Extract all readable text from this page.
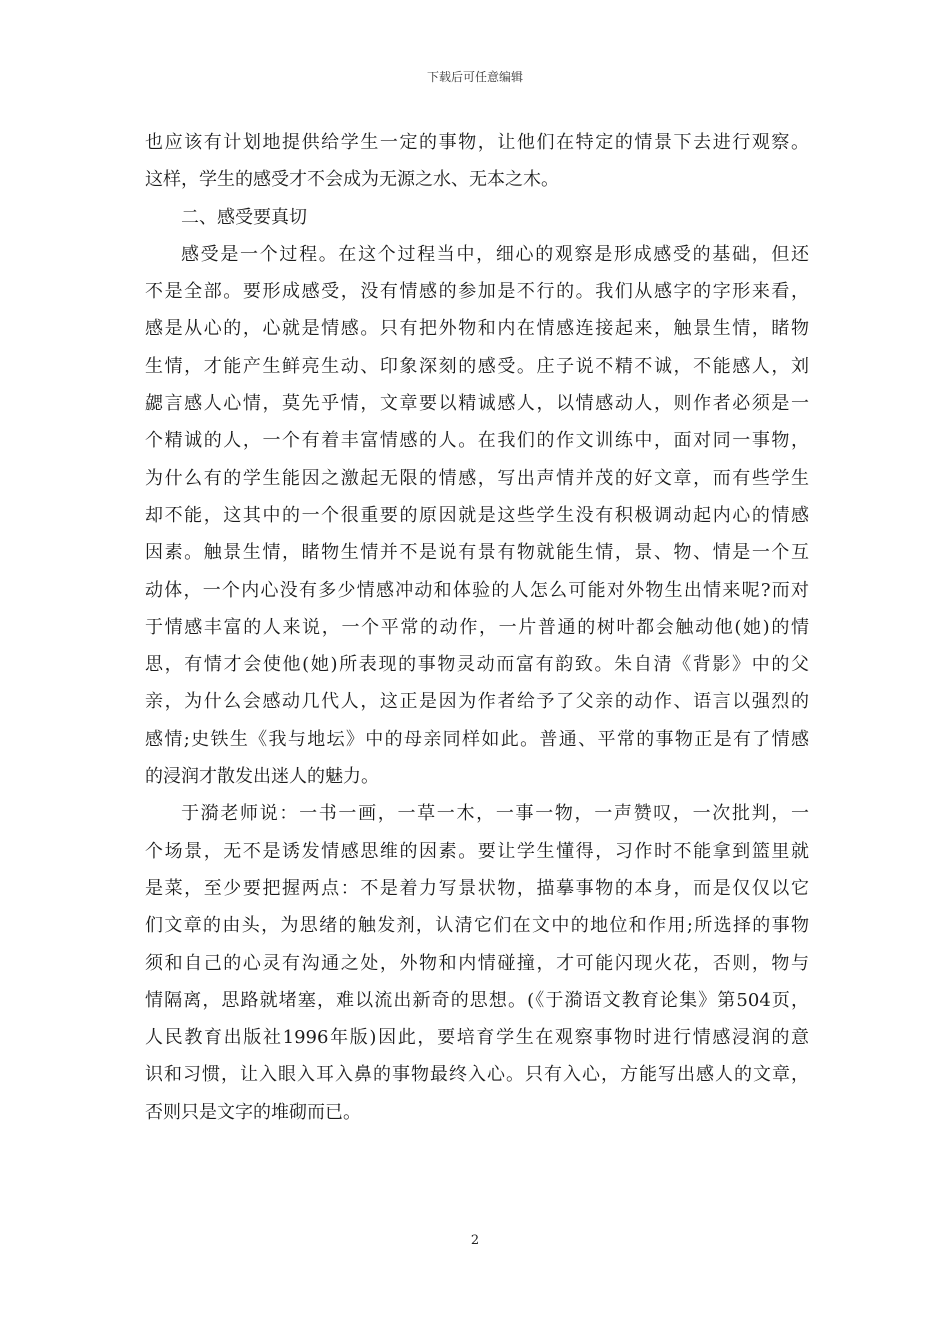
下载后可任意编辑
也应该有计划地提供给学生一定的事物，让他们在特定的情景下去进行观察。
这样，学生的感受才不会成为无源之水、无本之木。
二、感受要真切
感受是一个过程。在这个过程当中，细心的观察是形成感受的基础，但还
不是全部。要形成感受，没有情感的参加是不行的。我们从感字的字形来看，
感是从心的，心就是情感。只有把外物和内在情感连接起来，触景生情，睹物
生情，才能产生鲜亮生动、印象深刻的感受。庄子说不精不诚，不能感人，刘
勰言感人心情，莫先乎情，文章要以精诚感人，以情感动人，则作者必须是一
个精诚的人，一个有着丰富情感的人。在我们的作文训练中，面对同一事物，
为什么有的学生能因之激起无限的情感，写出声情并茂的好文章，而有些学生
却不能，这其中的一个很重要的原因就是这些学生没有积极调动起内心的情感
因素。触景生情，睹物生情并不是说有景有物就能生情，景、物、情是一个互
动体，一个内心没有多少情感冲动和体验的人怎么可能对外物生出情来呢?而对
于情感丰富的人来说，一个平常的动作，一片普通的树叶都会触动他(她)的情
思，有情才会使他(她)所表现的事物灵动而富有韵致。朱自清《背影》中的父
亲，为什么会感动几代人，这正是因为作者给予了父亲的动作、语言以强烈的
感情;史铁生《我与地坛》中的母亲同样如此。普通、平常的事物正是有了情感
的浸润才散发出迷人的魅力。
于漪老师说：一书一画，一草一木，一事一物，一声赞叹，一次批判，一
个场景，无不是诱发情感思维的因素。要让学生懂得，习作时不能拿到篮里就
是菜，至少要把握两点：不是着力写景状物，描摹事物的本身，而是仅仅以它
们文章的由头，为思绪的触发剂，认清它们在文中的地位和作用;所选择的事物
须和自己的心灵有沟通之处，外物和内情碰撞，才可能闪现火花，否则，物与
情隔离，思路就堵塞，难以流出新奇的思想。(《于漪语文教育论集》第504页，
人民教育出版社1996年版)因此，要培育学生在观察事物时进行情感浸润的意
识和习惯，让入眼入耳入鼻的事物最终入心。只有入心，方能写出感人的文章，
否则只是文字的堆砌而已。
2
